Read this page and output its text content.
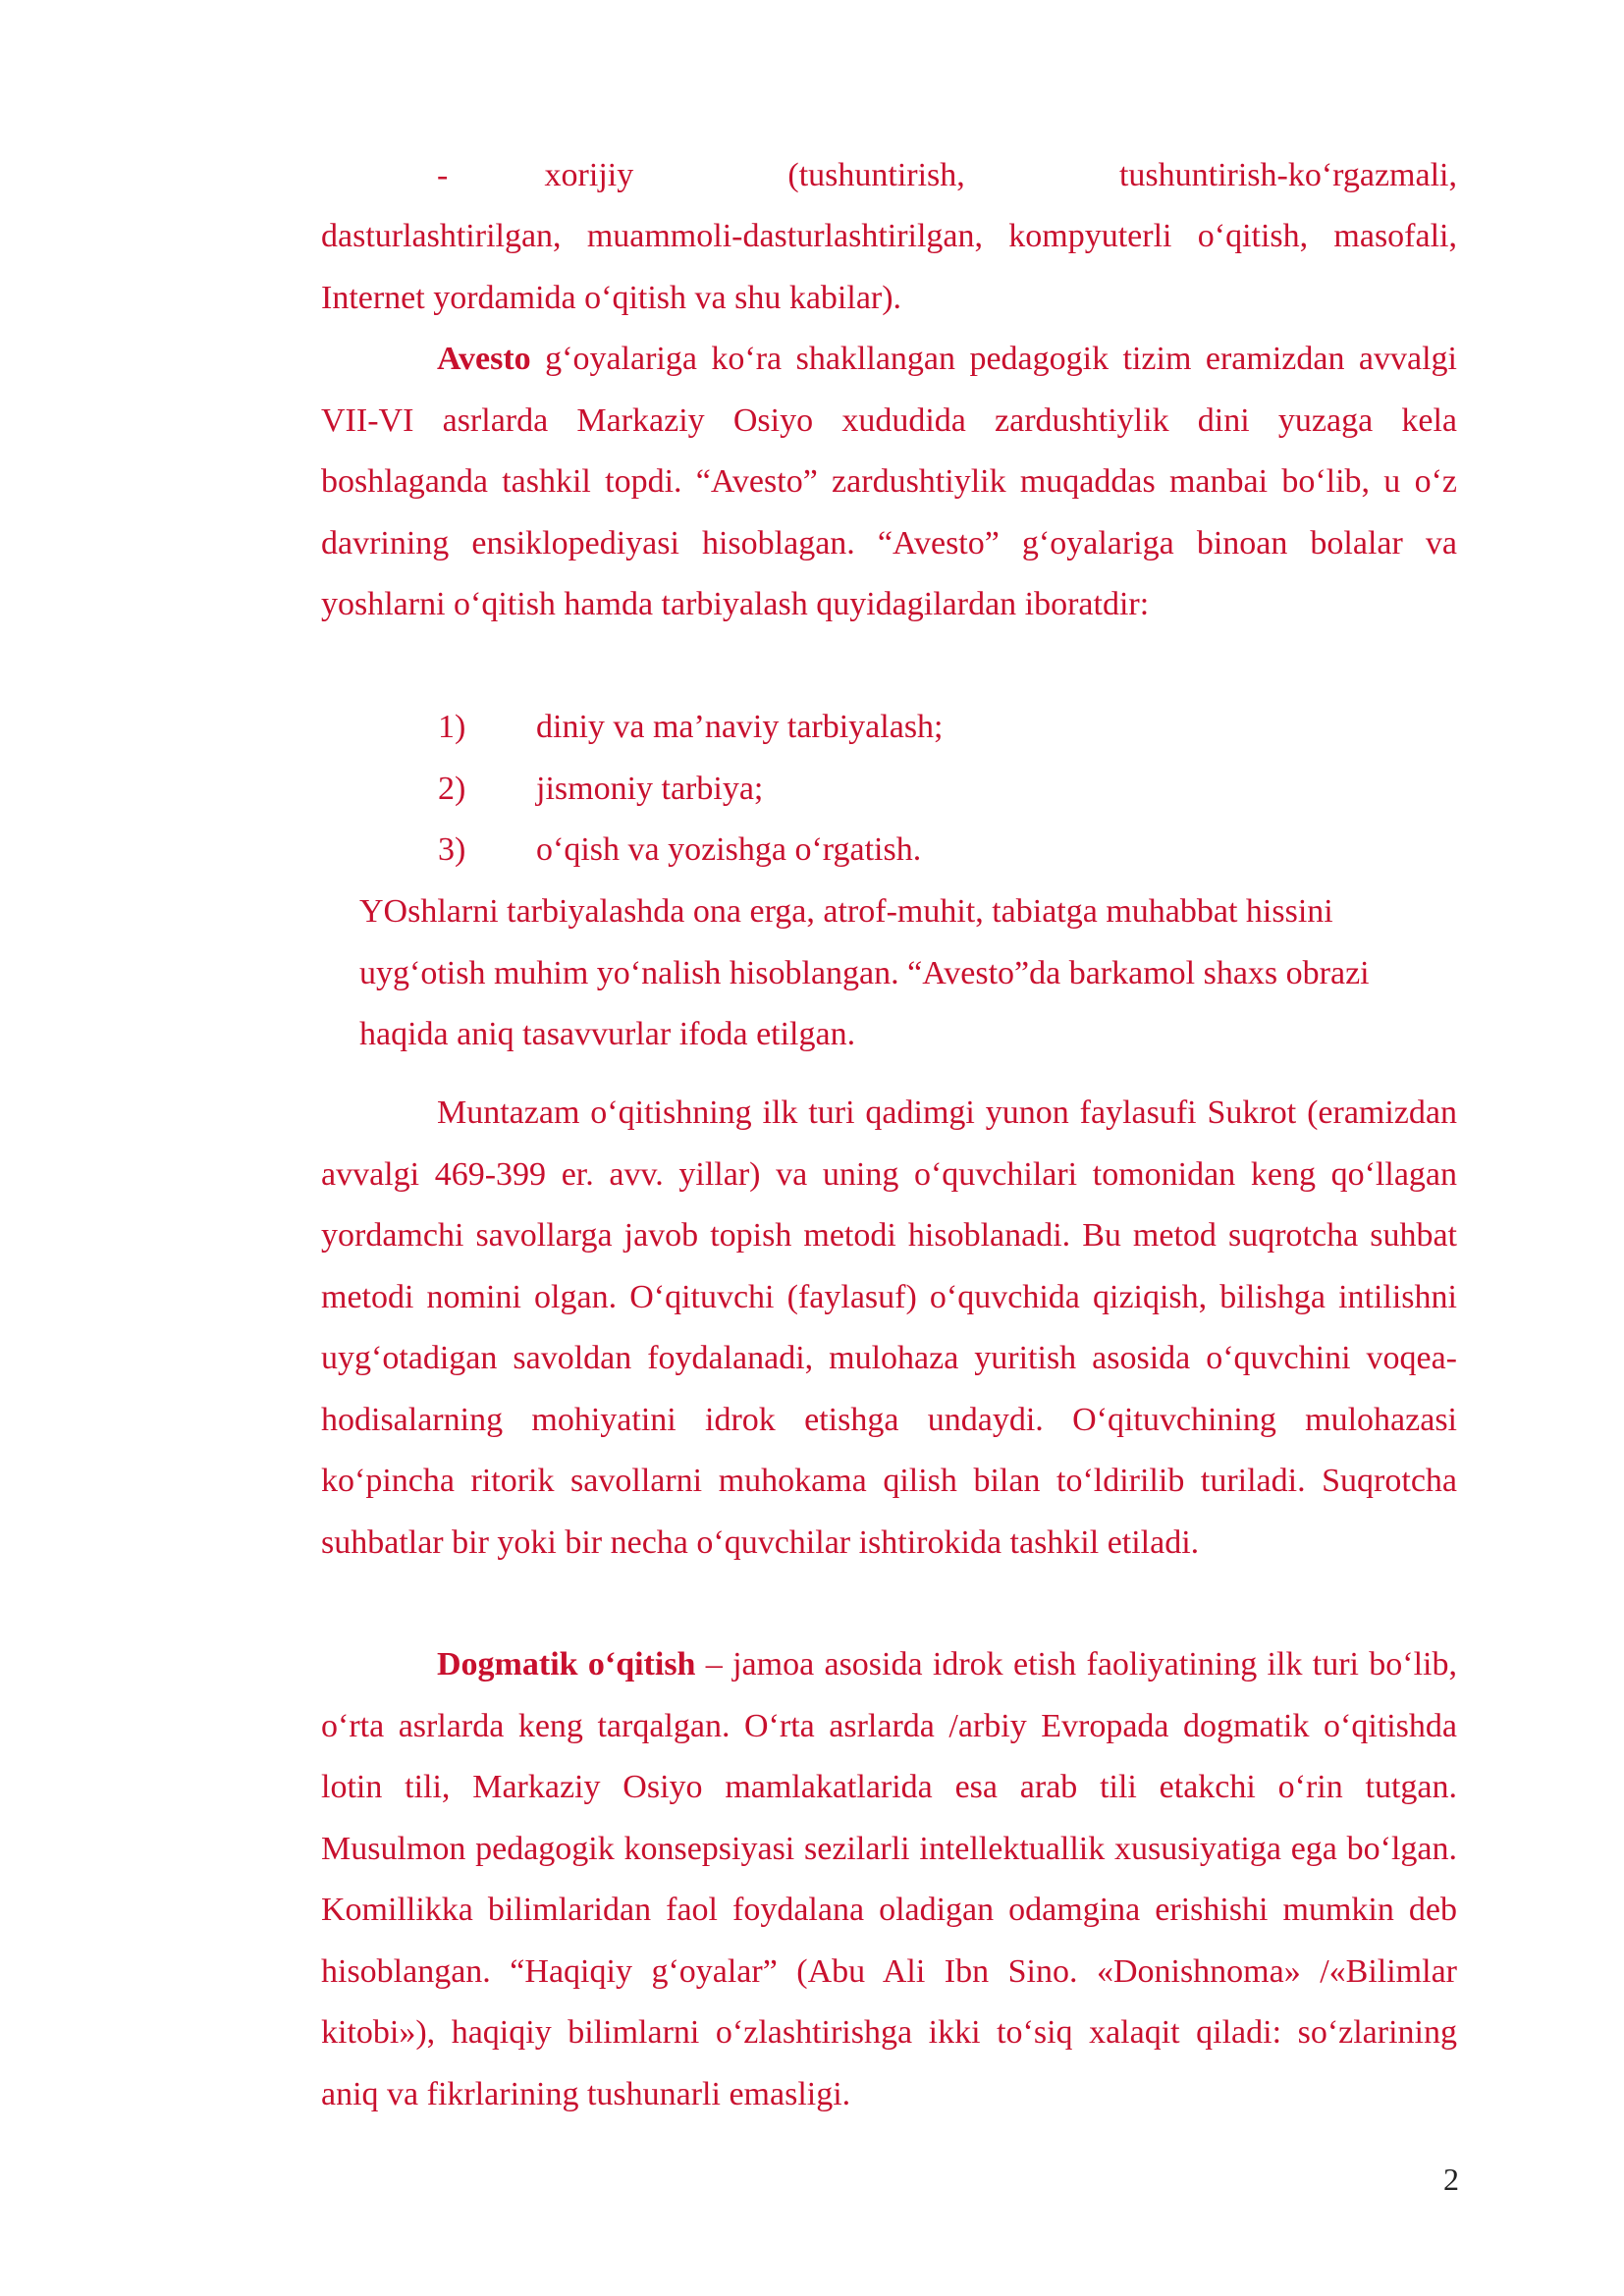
-          xorijiy                (tushuntirish,                tushuntirish-ko‘rgazmali,

dasturlashtirilgan, muammoli-dasturlashtirilgan, kompyuterli o‘qitish, masofali, Internet yordamida o‘qitish va shu kabilar).

Avesto g‘oyalariga ko‘ra shakllangan pedagogik tizim eramizdan avvalgi VII-VI asrlarda Markaziy Osiyo xududida zardushtiylik dini yuzaga kela boshlaganda tashkil topdi. “Avesto” zardushtiylik muqaddas manbai bo‘lib, u o‘z davrining ensiklopediyasi hisoblagan. “Avesto” g‘oyalariga binoan bolalar va yoshlarni o‘qitish hamda tarbiyalash quyidagilardan iboratdir:

1)	diniy va ma’naviy tarbiyalash;
2)	jismoniy tarbiya;
3)	o‘qish va yozishga o‘rgatish.

YOshlarni tarbiyalashda ona erga, atrof-muhit, tabiatga muhabbat hissini uyg‘otish muhim yo‘nalish hisoblangan. “Avesto”da barkamol shaxs obrazi haqida aniq tasavvurlar ifoda etilgan.

Muntazam o‘qitishning ilk turi qadimgi yunon faylasufi Sukrot (eramizdan avvalgi 469-399 er. avv. yillar) va uning o‘quvchilari tomonidan keng qo‘llagan yordamchi savollarga javob topish metodi hisoblanadi. Bu metod suqrotcha suhbat metodi nomini olgan. O‘qituvchi (faylasuf) o‘quvchida qiziqish, bilishga intilishni uyg‘otadigan savoldan foydalanadi, mulohaza yuritish asosida o‘quvchini voqea-hodisalarning mohiyatini idrok etishga undaydi. O‘qituvchining mulohazasi ko‘pincha ritorik savollarni muhokama qilish bilan to‘ldirilib turiladi. Suqrotcha suhbatlar bir yoki bir necha o‘quvchilar ishtirokida tashkil etiladi.

Dogmatik o‘qitish – jamoa asosida idrok etish faoliyatining ilk turi bo‘lib, o‘rta asrlarda keng tarqalgan. O‘rta asrlarda /arbiy Evropada dogmatik o‘qitishda lotin tili, Markaziy Osiyo mamlakatlarida esa arab tili etakchi o‘rin tutgan. Musulmon pedagogik konsepsiyasi sezilarli intellektuallik xususiyatiga ega bo‘lgan. Komillikka bilimlaridan faol foydalana oladigan odamgina erishishi mumkin deb hisoblangan. “Haqiqiy g‘oyalar” (Abu Ali Ibn Sino. «Donishnoma» /«Bilimlar kitobi»), haqiqiy bilimlarni o‘zlashtirishga ikki to‘siq xalaqit qiladi: so‘zlarining aniq va fikrlarining tushunarli emasligi.

2
